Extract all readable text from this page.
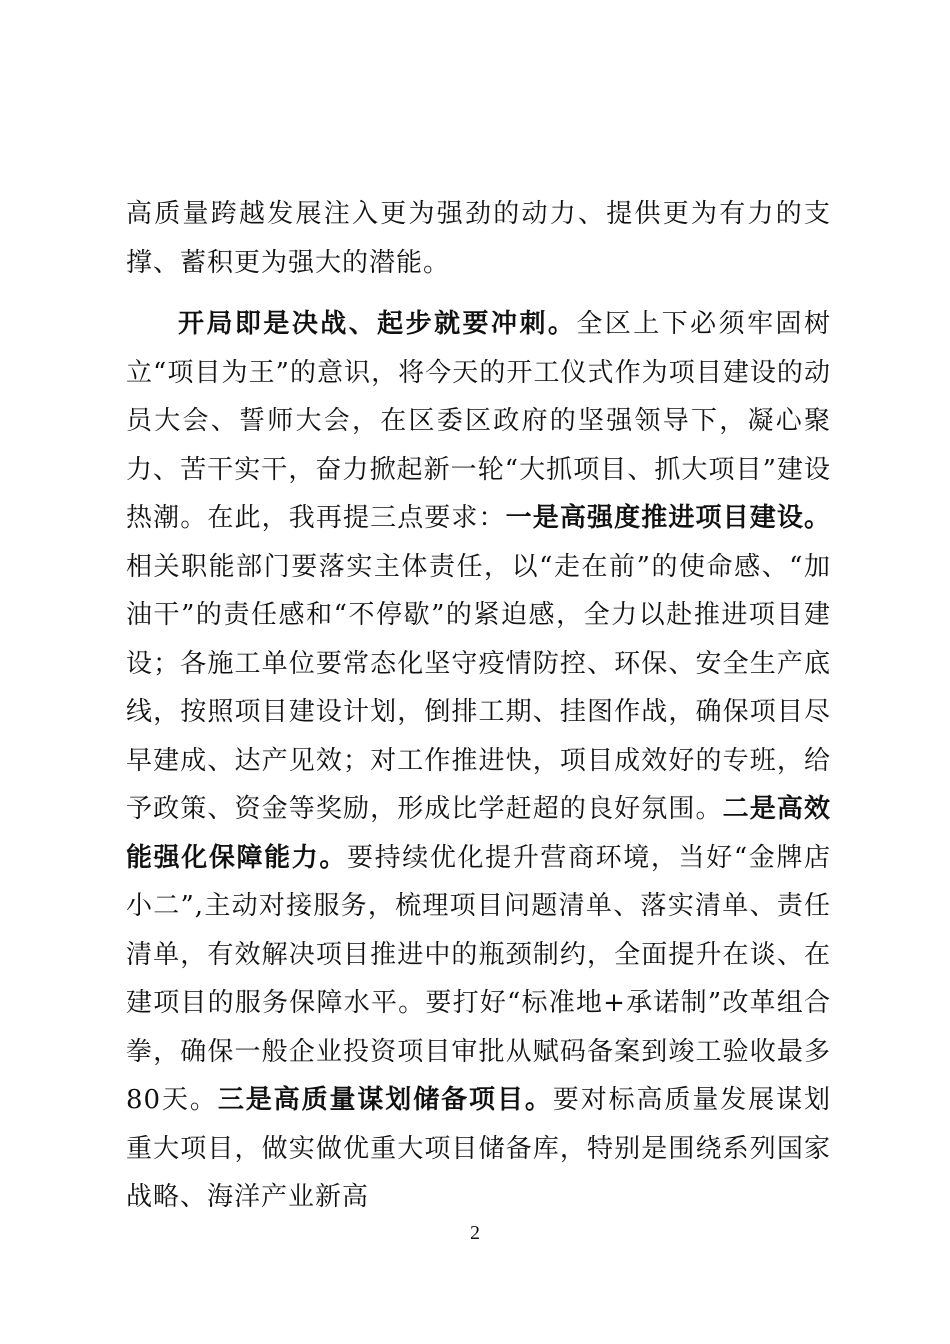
高质量跨越发展注入更为强劲的动力、提供更为有力的支撑、蓄积更为强大的潜能。

开局即是决战、起步就要冲刺。全区上下必须牢固树立“项目为王”的意识，将今天的开工仪式作为项目建设的动员大会、誓师大会，在区委区政府的坚强领导下，凝心聚力、苦干实干，奋力掀起新一轮“大抓项目、抓大项目”建设热潮。在此，我再提三点要求：一是高强度推进项目建设。相关职能部门要落实主体责任，以“走在前”的使命感、“加油干”的责任感和“不停歇”的紧迫感，全力以赴推进项目建设；各施工单位要常态化坚守疫情防控、环保、安全生产底线，按照项目建设计划，倒排工期、挂图作战，确保项目尽早建成、达产见效；对工作推进快，项目成效好的专班，给予政策、资金等奖励，形成比学赶超的良好氛围。二是高效能强化保障能力。要持续优化提升营商环境，当好“金牌店小二”,主动对接服务，梳理项目问题清单、落实清单、责任清单，有效解决项目推进中的瓶颈制约，全面提升在谈、在建项目的服务保障水平。要打好“标准地+承诺制”改革组合拳，确保一般企业投资项目审批从赋码备案到竣工验收最多80天。三是高质量谋划储备项目。要对标高质量发展谋划重大项目，做实做优重大项目储备库，特别是围绕系列国家战略、海洋产业新高

2
